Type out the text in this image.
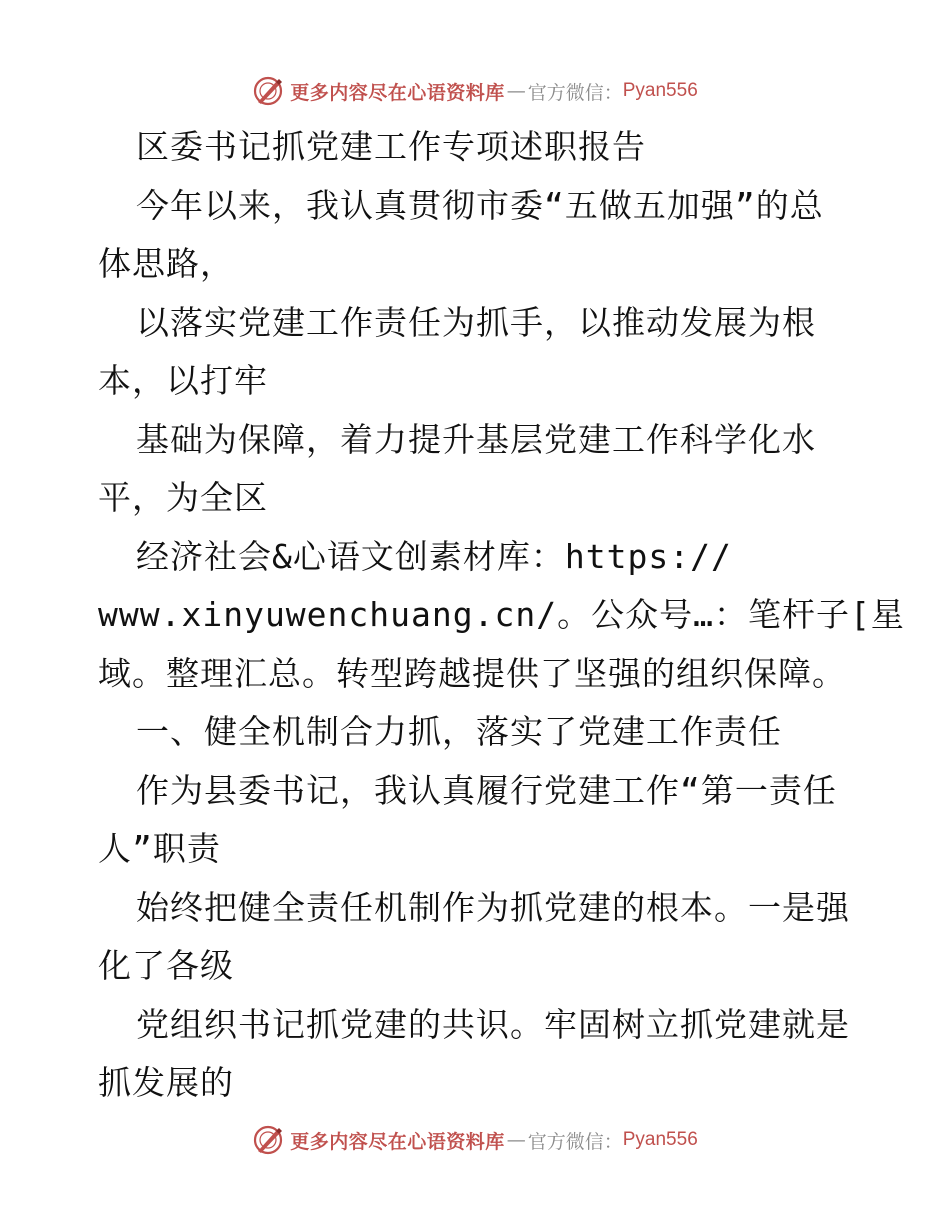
更多内容尽在心语资料库 — 官方微信： Pyan556
区委书记抓党建工作专项述职报告
今年以来，我认真贯彻市委“五做五加强”的总
体思路，
以落实党建工作责任为抓手，以推动发展为根
本，以打牢
基础为保障，着力提升基层党建工作科学化水
平，为全区
经济社会&心语文创素材库：https://
www.xinyuwenchuang.cn/。公众号…：笔杆子[星
域。整理汇总。转型跨越提供了坚强的组织保障。
一、健全机制合力抓，落实了党建工作责任
作为县委书记，我认真履行党建工作“第一责任
人”职责
始终把健全责任机制作为抓党建的根本。一是强
化了各级
党组织书记抓党建的共识。牢固树立抓党建就是
抓发展的
更多内容尽在心语资料库 — 官方微信： Pyan556
